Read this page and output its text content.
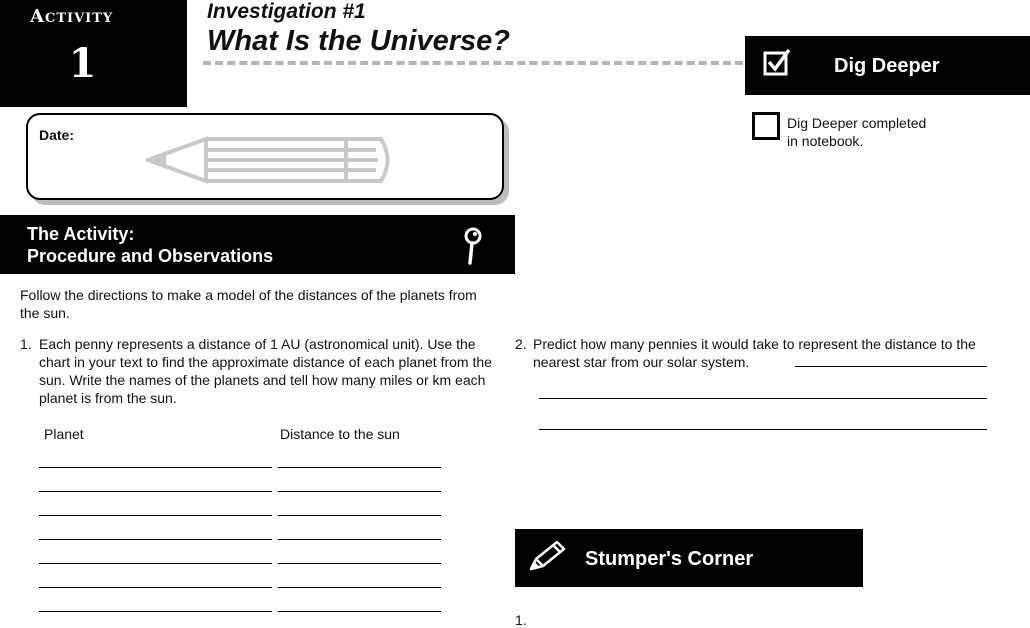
Activity
1
Investigation #1
What Is the Universe?
Dig Deeper
Dig Deeper completed
in notebook.
Date:
The Activity:
Procedure and Observations
Follow the directions to make a model of the distances of the planets from the sun.
1. Each penny represents a distance of 1 AU (astronomical unit). Use the chart in your text to find the approximate distance of each planet from the sun. Write the names of the planets and tell how many miles or km each planet is from the sun.
Planet	Distance to the sun
2. Predict how many pennies it would take to represent the distance to the nearest star from our solar system.
Stumper's Corner
1.
